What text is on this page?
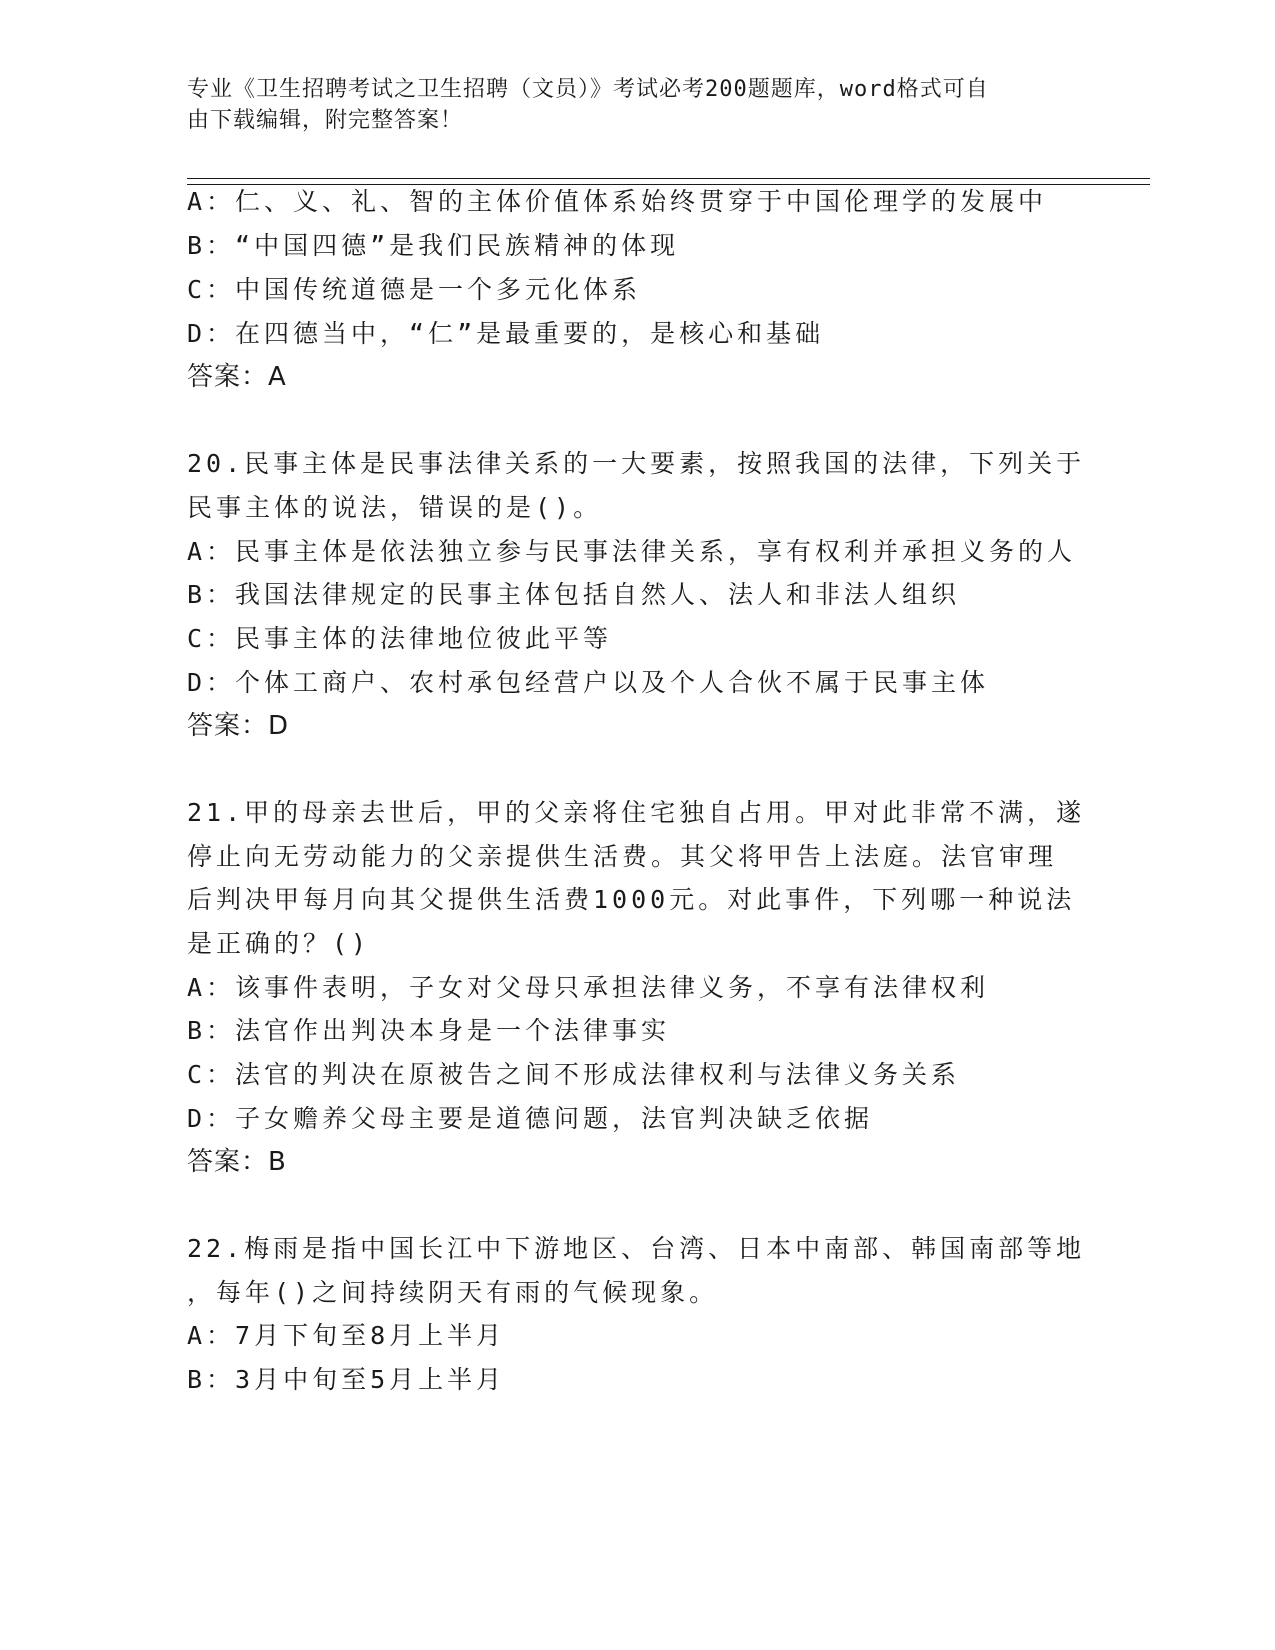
专业《卫生招聘考试之卫生招聘（文员）》考试必考200题题库，word格式可自
由下载编辑，附完整答案！
A：仁、义、礼、智的主体价值体系始终贯穿于中国伦理学的发展中
B：“中国四德”是我们民族精神的体现
C：中国传统道德是一个多元化体系
D：在四德当中，“仁”是最重要的，是核心和基础
答案：A
20.民事主体是民事法律关系的一大要素，按照我国的法律，下列关于
民事主体的说法，错误的是()。
A：民事主体是依法独立参与民事法律关系，享有权利并承担义务的人
B：我国法律规定的民事主体包括自然人、法人和非法人组织
C：民事主体的法律地位彼此平等
D：个体工商户、农村承包经营户以及个人合伙不属于民事主体
答案：D
21.甲的母亲去世后，甲的父亲将住宅独自占用。甲对此非常不满，遂
停止向无劳动能力的父亲提供生活费。其父将甲告上法庭。法官审理
后判决甲每月向其父提供生活费1000元。对此事件，下列哪一种说法
是正确的？()
A：该事件表明，子女对父母只承担法律义务，不享有法律权利
B：法官作出判决本身是一个法律事实
C：法官的判决在原被告之间不形成法律权利与法律义务关系
D：子女赡养父母主要是道德问题，法官判决缺乏依据
答案：B
22.梅雨是指中国长江中下游地区、台湾、日本中南部、韩国南部等地
，每年()之间持续阴天有雨的气候现象。
A：7月下旬至8月上半月
B：3月中旬至5月上半月
